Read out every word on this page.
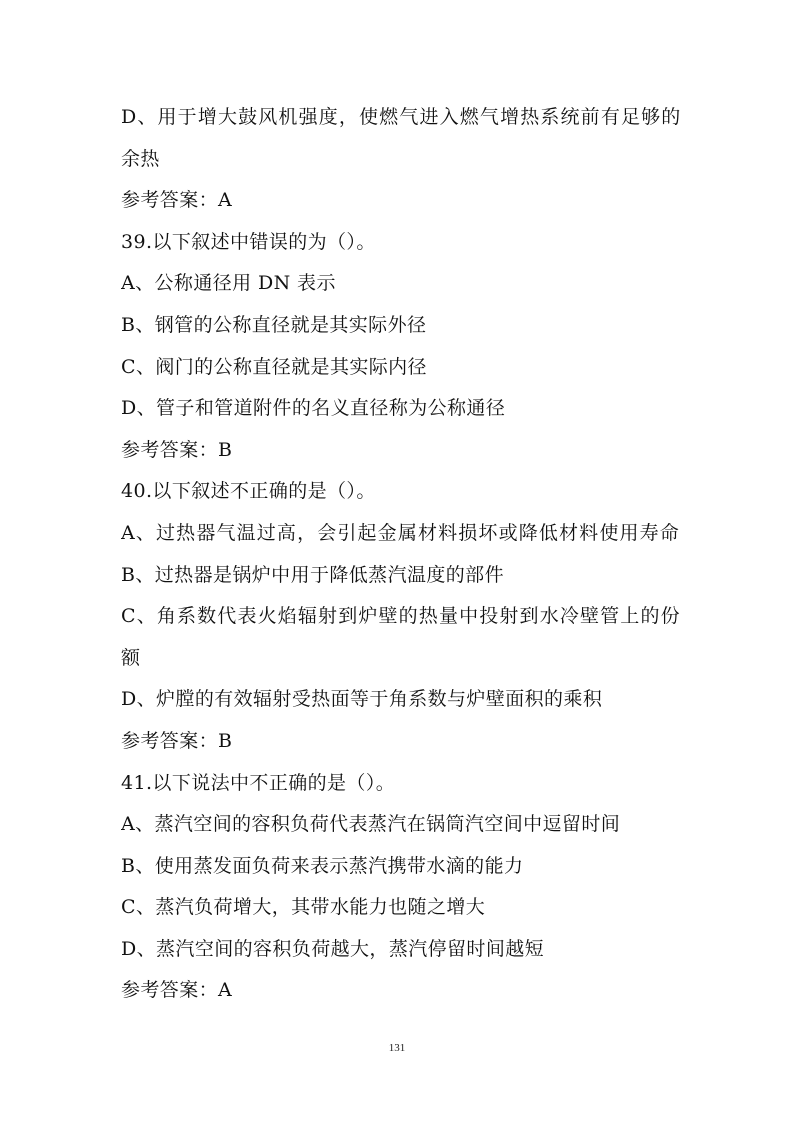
D、用于增大鼓风机强度，使燃气进入燃气增热系统前有足够的
余热
参考答案：A
39.以下叙述中错误的为（）。
A、公称通径用 DN 表示
B、钢管的公称直径就是其实际外径
C、阀门的公称直径就是其实际内径
D、管子和管道附件的名义直径称为公称通径
参考答案：B
40.以下叙述不正确的是（）。
A、过热器气温过高，会引起金属材料损坏或降低材料使用寿命
B、过热器是锅炉中用于降低蒸汽温度的部件
C、角系数代表火焰辐射到炉壁的热量中投射到水冷壁管上的份
额
D、炉膛的有效辐射受热面等于角系数与炉壁面积的乘积
参考答案：B
41.以下说法中不正确的是（）。
A、蒸汽空间的容积负荷代表蒸汽在锅筒汽空间中逗留时间
B、使用蒸发面负荷来表示蒸汽携带水滴的能力
C、蒸汽负荷增大，其带水能力也随之增大
D、蒸汽空间的容积负荷越大，蒸汽停留时间越短
参考答案：A
131
